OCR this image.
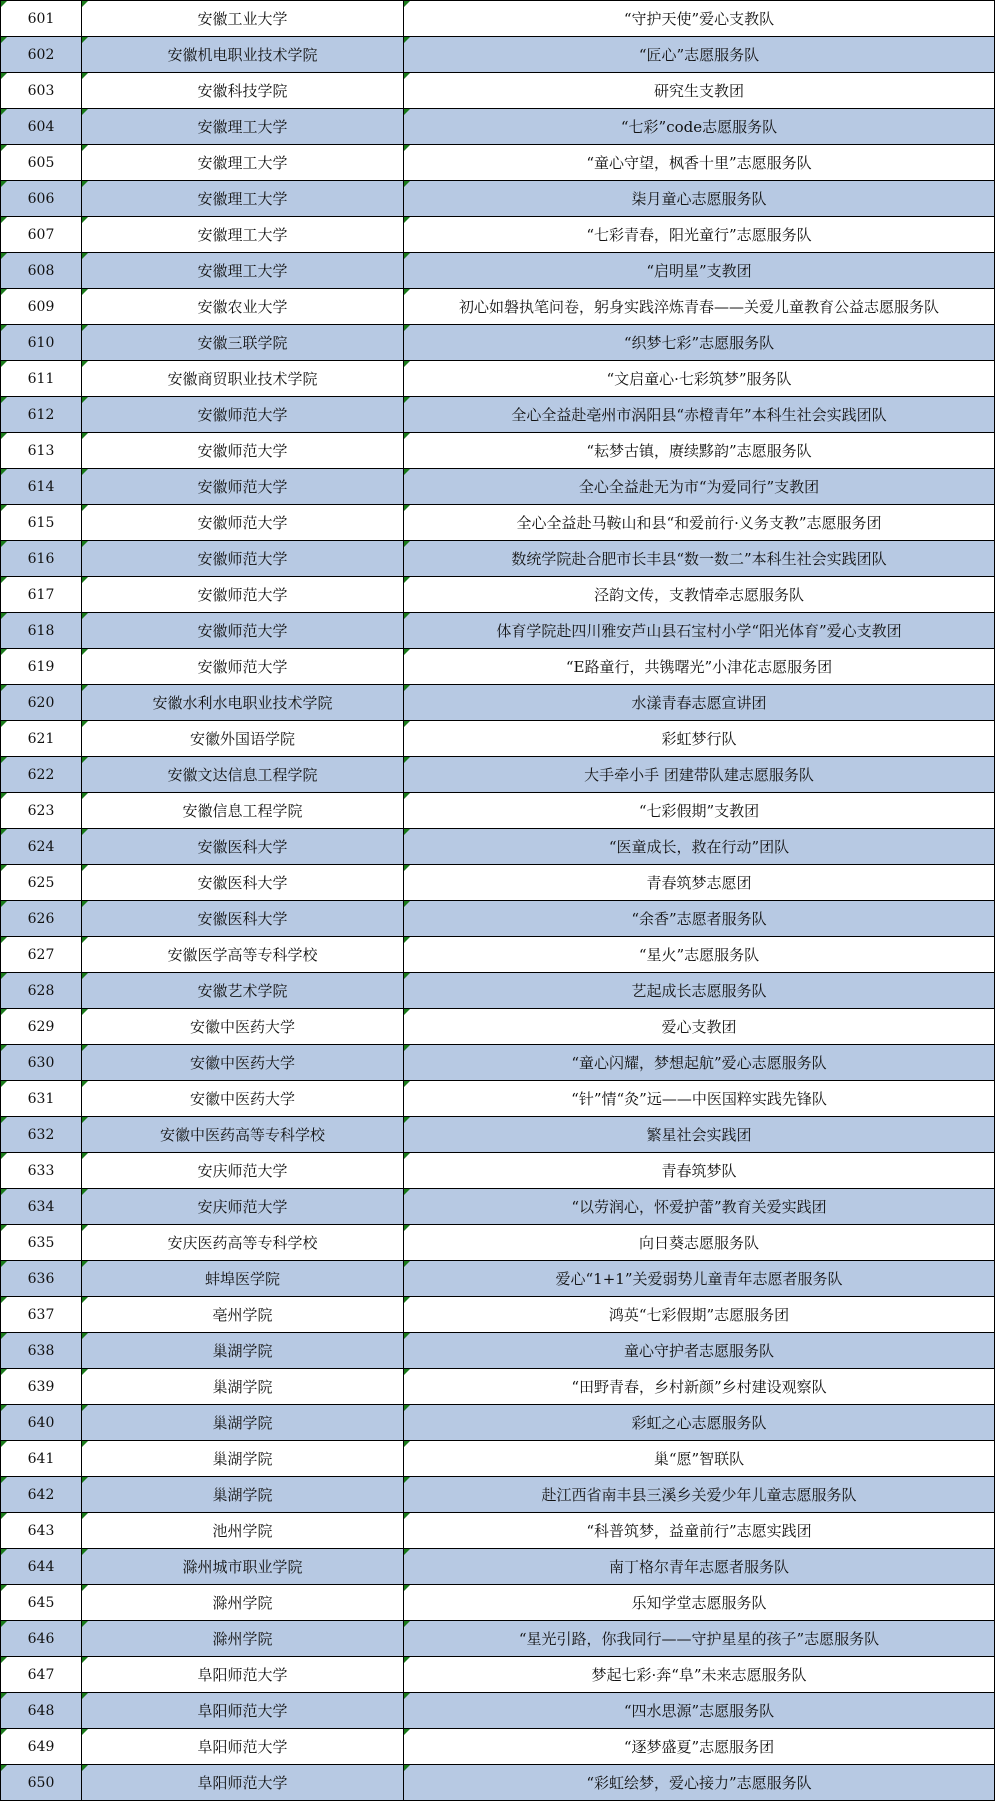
601	安徽工业大学	“守护天使”爱心支教队
602	安徽机电职业技术学院	“匠心”志愿服务队
603	安徽科技学院	研究生支教团
604	安徽理工大学	“七彩”code志愿服务队
605	安徽理工大学	“童心守望，枫香十里”志愿服务队
606	安徽理工大学	柒月童心志愿服务队
607	安徽理工大学	“七彩青春，阳光童行”志愿服务队
608	安徽理工大学	“启明星”支教团
609	安徽农业大学	初心如磐执笔问卷，躬身实践淬炼青春——关爱儿童教育公益志愿服务队
610	安徽三联学院	“织梦七彩”志愿服务队
611	安徽商贸职业技术学院	“文启童心·七彩筑梦”服务队
612	安徽师范大学	全心全益赴亳州市涡阳县“赤橙青年”本科生社会实践团队
613	安徽师范大学	“耘梦古镇，赓续黟韵”志愿服务队
614	安徽师范大学	全心全益赴无为市“为爱同行”支教团
615	安徽师范大学	全心全益赴马鞍山和县“和爱前行·义务支教”志愿服务团
616	安徽师范大学	数统学院赴合肥市长丰县“数一数二”本科生社会实践团队
617	安徽师范大学	泾韵文传，支教情牵志愿服务队
618	安徽师范大学	体育学院赴四川雅安芦山县石宝村小学“阳光体育”爱心支教团
619	安徽师范大学	“E路童行，共镌曙光”小津花志愿服务团
620	安徽水利水电职业技术学院	水漾青春志愿宣讲团
621	安徽外国语学院	彩虹梦行队
622	安徽文达信息工程学院	大手牵小手 团建带队建志愿服务队
623	安徽信息工程学院	“七彩假期”支教团
624	安徽医科大学	“医童成长，救在行动”团队
625	安徽医科大学	青春筑梦志愿团
626	安徽医科大学	“余香”志愿者服务队
627	安徽医学高等专科学校	“星火”志愿服务队
628	安徽艺术学院	艺起成长志愿服务队
629	安徽中医药大学	爱心支教团
630	安徽中医药大学	“童心闪耀，梦想起航”爱心志愿服务队
631	安徽中医药大学	“针”情“灸”远——中医国粹实践先锋队
632	安徽中医药高等专科学校	繁星社会实践团
633	安庆师范大学	青春筑梦队
634	安庆师范大学	“以劳润心，怀爱护蕾”教育关爱实践团
635	安庆医药高等专科学校	向日葵志愿服务队
636	蚌埠医学院	爱心“1+1”关爱弱势儿童青年志愿者服务队
637	亳州学院	鸿英“七彩假期”志愿服务团
638	巢湖学院	童心守护者志愿服务队
639	巢湖学院	“田野青春，乡村新颜”乡村建设观察队
640	巢湖学院	彩虹之心志愿服务队
641	巢湖学院	巢“愿”智联队
642	巢湖学院	赴江西省南丰县三溪乡关爱少年儿童志愿服务队
643	池州学院	“科普筑梦，益童前行”志愿实践团
644	滁州城市职业学院	南丁格尔青年志愿者服务队
645	滁州学院	乐知学堂志愿服务队
646	滁州学院	“星光引路，你我同行——守护星星的孩子”志愿服务队
647	阜阳师范大学	梦起七彩·奔“阜”未来志愿服务队
648	阜阳师范大学	“四水思源”志愿服务队
649	阜阳师范大学	“逐梦盛夏”志愿服务团
650	阜阳师范大学	“彩虹绘梦，爱心接力”志愿服务队
